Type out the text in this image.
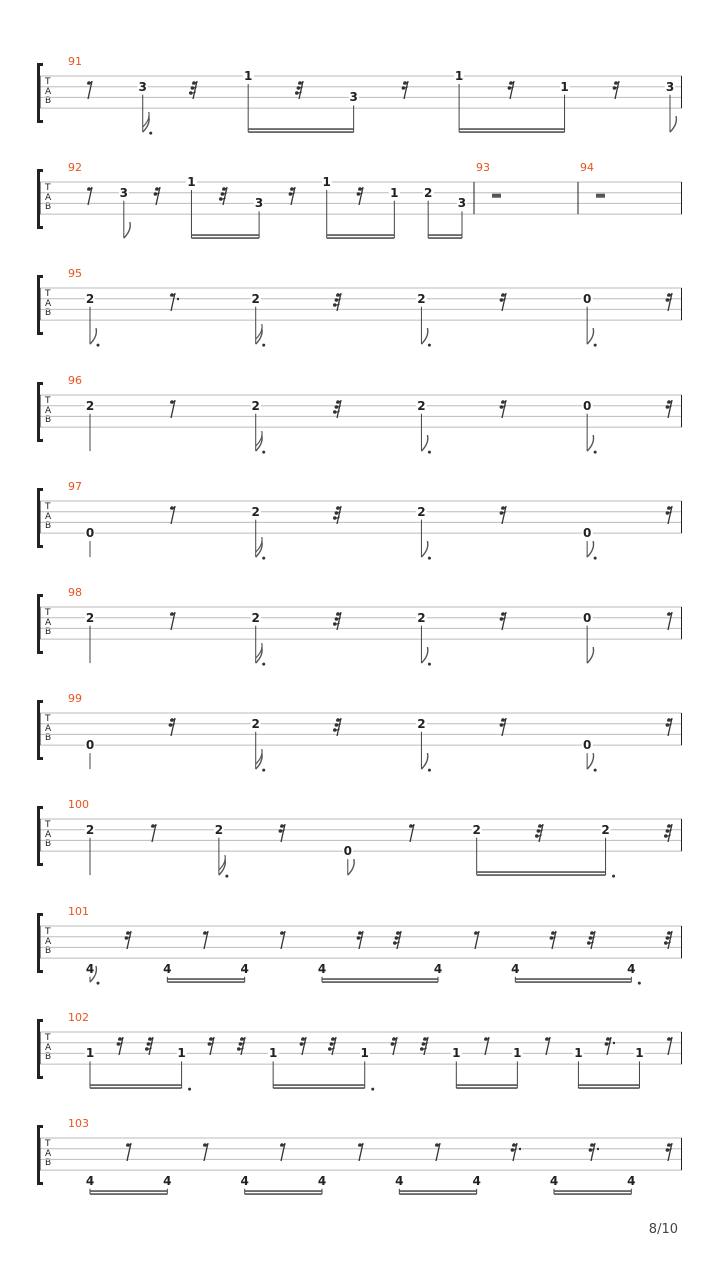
T
A
B
3
1
3
1
1	3
91
T
A
B
3
1
3
1
1 2
3
92	93	94
T
A
B
2	2	2	0
95
T
A
B
2	2	2	0
96
T
A
B
0
2	2
0
97
T
A
B
2	2	2	0
98
T
A
B
0
2	2
0
99
T
A
B
2	2
0
2	2
100
T
A
B
4	4	4	4	4	4	4
101
T
A
B	1	1	1	1	1	1	1	1
102
T
A
B
4	4	4	4	4	4	4	4
103
8/10
